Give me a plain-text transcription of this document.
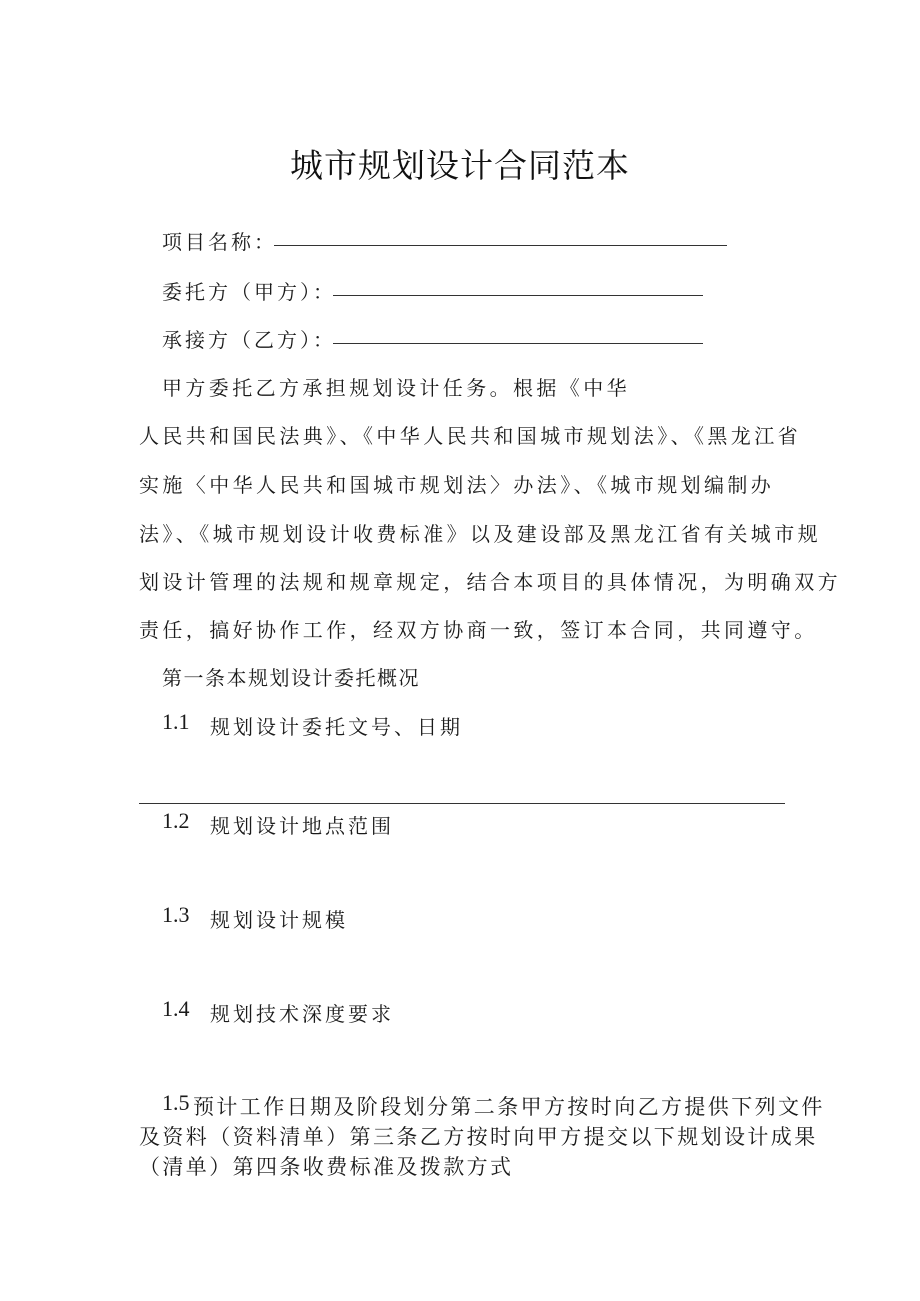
城市规划设计合同范本
项目名称：
委托方（甲方）：
承接方（乙方）：
甲方委托乙方承担规划设计任务。根据《中华
人民共和国民法典》、《中华人民共和国城市规划法》、《黑龙江省
实施〈中华人民共和国城市规划法〉办法》、《城市规划编制办
法》、《城市规划设计收费标准》以及建设部及黑龙江省有关城市规
划设计管理的法规和规章规定，结合本项目的具体情况，为明确双方
责任，搞好协作工作，经双方协商一致，签订本合同，共同遵守。
第一条本规划设计委托概况
1.1 规划设计委托文号、日期
1.2 规划设计地点范围
1.3 规划设计规模
1.4 规划技术深度要求
1.5 预计工作日期及阶段划分第二条甲方按时向乙方提供下列文件
及资料（资料清单）第三条乙方按时向甲方提交以下规划设计成果
（清单）第四条收费标准及拨款方式
